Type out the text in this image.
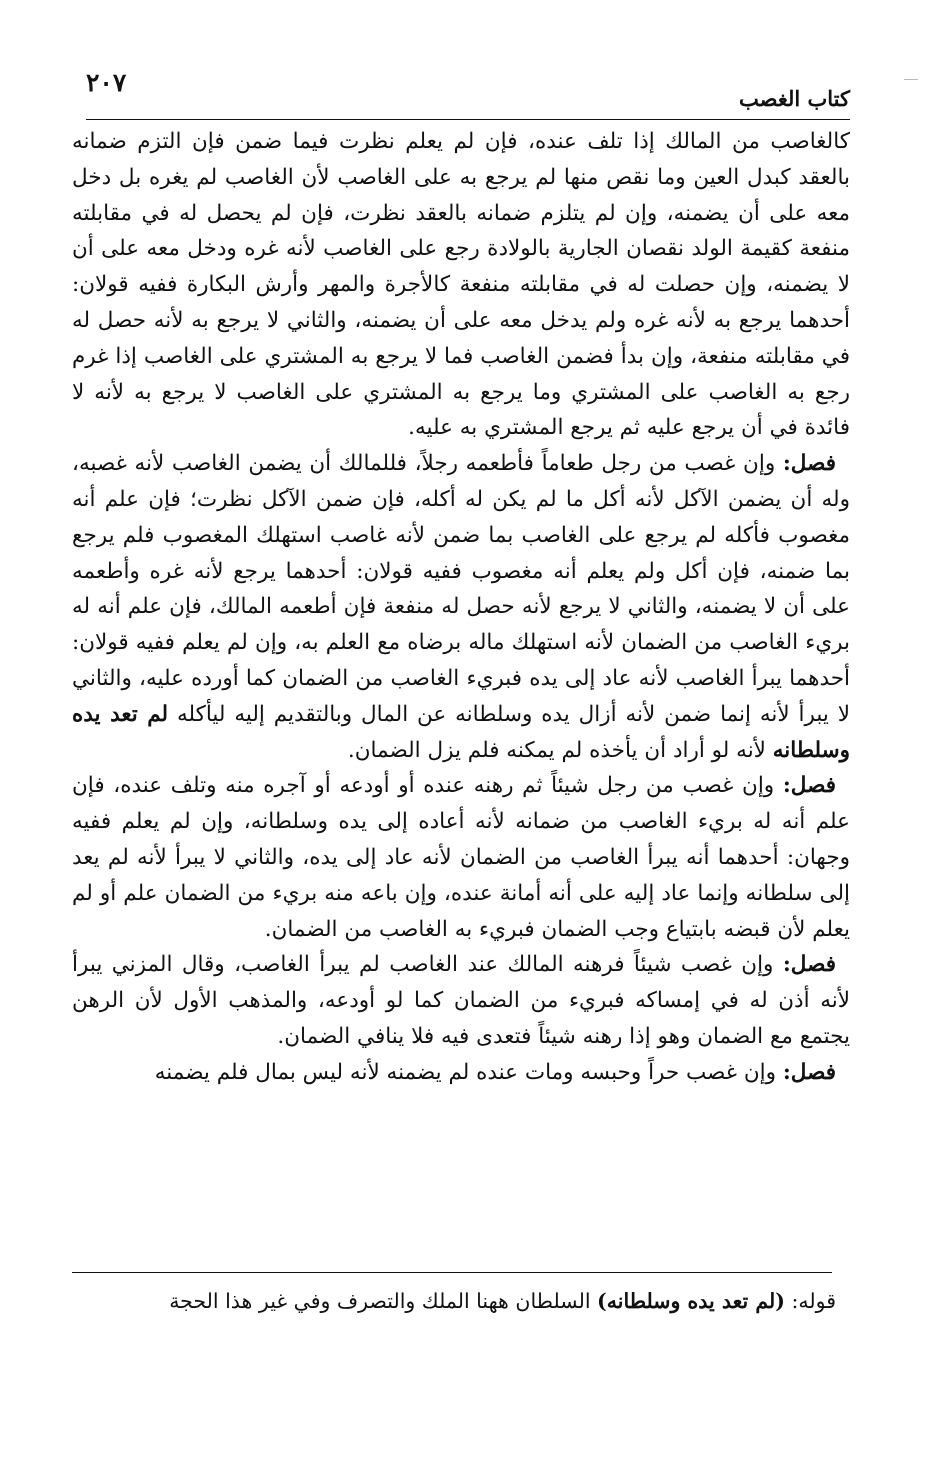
٢٠٧
كتاب الغصب

كالغاصب من المالك إذا تلف عنده، فإن لم يعلم نظرت فيما ضمن فإن التزم ضمانه بالعقد كبدل العين وما نقص منها لم يرجع به على الغاصب لأن الغاصب لم يغره بل دخل معه على أن يضمنه، وإن لم يتلزم ضمانه بالعقد نظرت، فإن لم يحصل له في مقابلته منفعة كقيمة الولد نقصان الجارية بالولادة رجع على الغاصب لأنه غره ودخل معه على أن لا يضمنه، وإن حصلت له في مقابلته منفعة كالأجرة والمهر وأرش البكارة ففيه قولان: أحدهما يرجع به لأنه غره ولم يدخل معه على أن يضمنه، والثاني لا يرجع به لأنه حصل له في مقابلته منفعة، وإن بدأ فضمن الغاصب فما لا يرجع به المشتري على الغاصب إذا غرم رجع به الغاصب على المشتري وما يرجع به المشتري على الغاصب لا يرجع به لأنه لا فائدة في أن يرجع عليه ثم يرجع المشتري به عليه.

فصل: وإن غصب من رجل طعاماً فأطعمه رجلاً، فللمالك أن يضمن الغاصب لأنه غصبه، وله أن يضمن الآكل لأنه أكل ما لم يكن له أكله، فإن ضمن الآكل نظرت؛ فإن علم أنه مغصوب فأكله لم يرجع على الغاصب بما ضمن لأنه غاصب استهلك المغصوب فلم يرجع بما ضمنه، فإن أكل ولم يعلم أنه مغصوب ففيه قولان: أحدهما يرجع لأنه غره وأطعمه على أن لا يضمنه، والثاني لا يرجع لأنه حصل له منفعة فإن أطعمه المالك، فإن علم أنه له بريء الغاصب من الضمان لأنه استهلك ماله برضاه مع العلم به، وإن لم يعلم ففيه قولان: أحدهما يبرأ الغاصب لأنه عاد إلى يده فبريء الغاصب من الضمان كما أورده عليه، والثاني لا يبرأ لأنه إنما ضمن لأنه أزال يده وسلطانه عن المال وبالتقديم إليه ليأكله لم تعد يده وسلطانه لأنه لو أراد أن يأخذه لم يمكنه فلم يزل الضمان.

فصل: وإن غصب من رجل شيئاً ثم رهنه عنده أو أودعه أو آجره منه وتلف عنده، فإن علم أنه له بريء الغاصب من ضمانه لأنه أعاده إلى يده وسلطانه، وإن لم يعلم ففيه وجهان: أحدهما أنه يبرأ الغاصب من الضمان لأنه عاد إلى يده، والثاني لا يبرأ لأنه لم يعد إلى سلطانه وإنما عاد إليه على أنه أمانة عنده، وإن باعه منه بريء من الضمان علم أو لم يعلم لأن قبضه بابتياع وجب الضمان فبريء به الغاصب من الضمان.

فصل: وإن غصب شيئاً فرهنه المالك عند الغاصب لم يبرأ الغاصب، وقال المزني يبرأ لأنه أذن له في إمساكه فبريء من الضمان كما لو أودعه، والمذهب الأول لأن الرهن يجتمع مع الضمان وهو إذا رهنه شيئاً فتعدى فيه فلا ينافي الضمان.

فصل: وإن غصب حراً وحبسه ومات عنده لم يضمنه لأنه ليس بمال فلم يضمنه

قوله: (لم تعد يده وسلطانه) السلطان ههنا الملك والتصرف وفي غير هذا الحجة
